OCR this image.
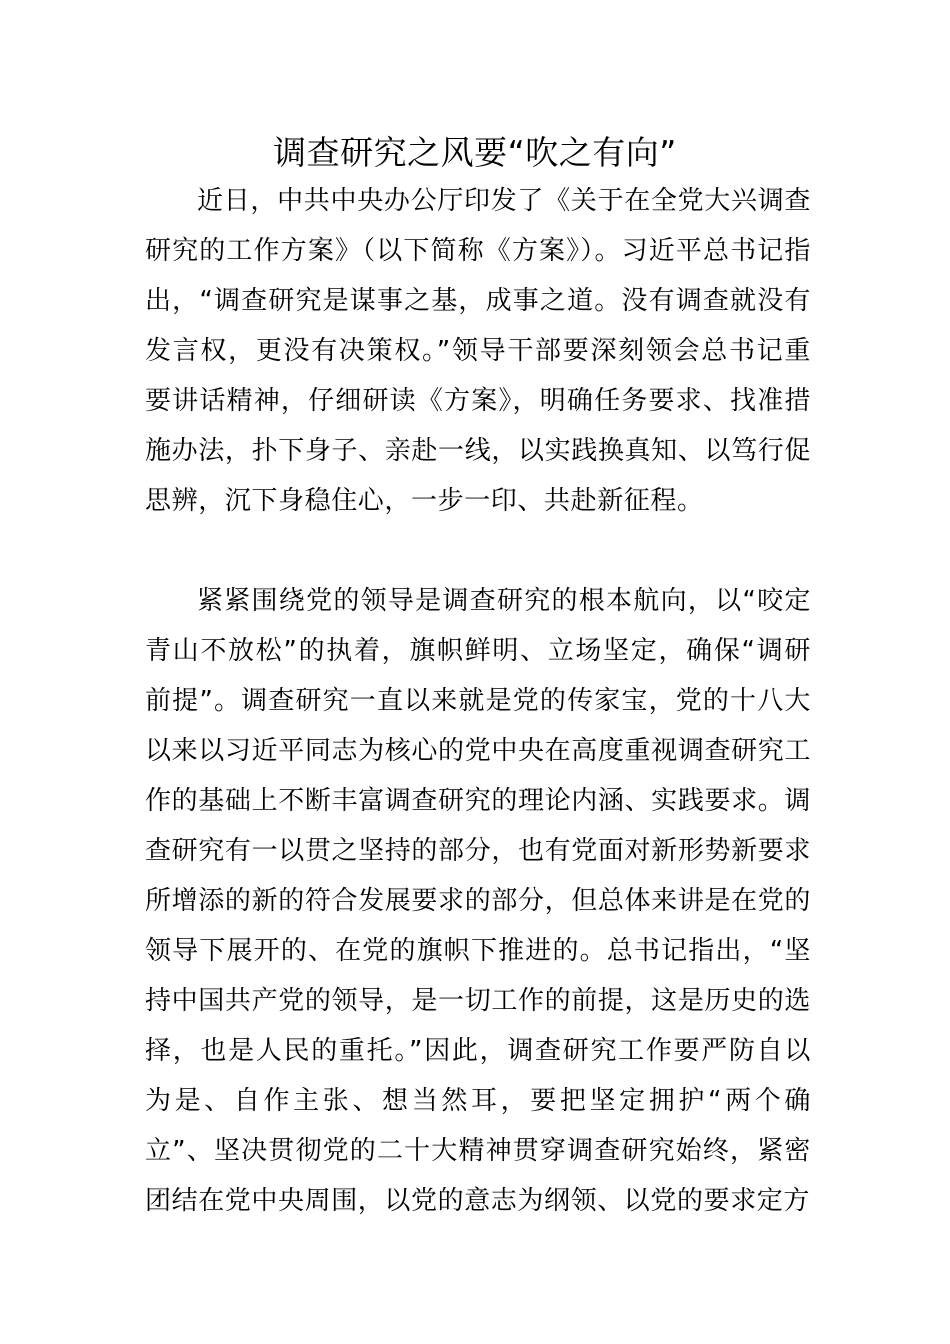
调查研究之风要“吹之有向”

近日，中共中央办公厅印发了《关于在全党大兴调查研究的工作方案》（以下简称《方案》）。习近平总书记指出，“调查研究是谋事之基，成事之道。没有调查就没有发言权，更没有决策权。”领导干部要深刻领会总书记重要讲话精神，仔细研读《方案》，明确任务要求、找准措施办法，扑下身子、亲赴一线，以实践换真知、以笃行促思辨，沉下身稳住心，一步一印、共赴新征程。

紧紧围绕党的领导是调查研究的根本航向，以“咬定青山不放松”的执着，旗帜鲜明、立场坚定，确保“调研前提”。调查研究一直以来就是党的传家宝，党的十八大以来以习近平同志为核心的党中央在高度重视调查研究工作的基础上不断丰富调查研究的理论内涵、实践要求。调查研究有一以贯之坚持的部分，也有党面对新形势新要求所增添的新的符合发展要求的部分，但总体来讲是在党的领导下展开的、在党的旗帜下推进的。总书记指出，“坚持中国共产党的领导，是一切工作的前提，这是历史的选择，也是人民的重托。”因此，调查研究工作要严防自以为是、自作主张、想当然耳，要把坚定拥护“两个确立”、坚决贯彻党的二十大精神贯穿调查研究始终，紧密团结在党中央周围，以党的意志为纲领、以党的要求定方
